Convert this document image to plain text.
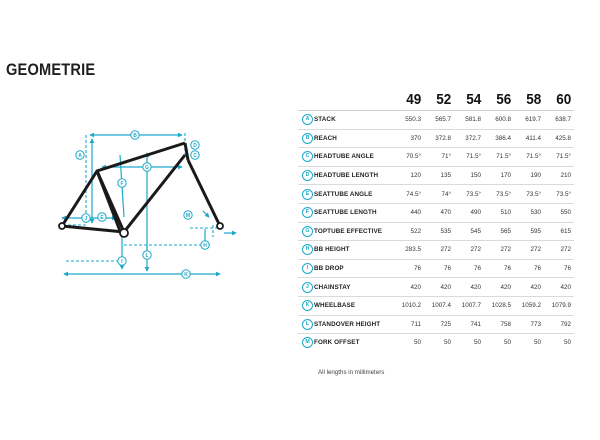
GEOMETRIE
A
B
C
D
E
F
G
H
I
J
K
L
M
		49	52	54	56	58	60
A	STACK	550.3	565.7	581.8	600.8	619.7	638.7
B	REACH	370	372.8	372.7	386.4	411.4	425.8
C	HEADTUBE ANGLE	70.5°	71°	71.5°	71.5°	71.5°	71.5°
D	HEADTUBE LENGTH	120	135	150	170	190	210
E	SEATTUBE ANGLE	74.5°	74°	73.5°	73.5°	73.5°	73.5°
F	SEATTUBE LENGTH	440	470	490	510	530	550
G	TOPTUBE EFFECTIVE	522	535	545	565	595	615
H	BB HEIGHT	283.5	272	272	272	272	272
I	BB DROP	76	76	76	76	76	76
J	CHAINSTAY	420	420	420	420	420	420
K	WHEELBASE	1010.2	1007.4	1007.7	1028.5	1059.2	1079.9
L	STANDOVER HEIGHT	711	725	741	758	773	792
M	FORK OFFSET	50	50	50	50	50	50
All lengths in millimeters
